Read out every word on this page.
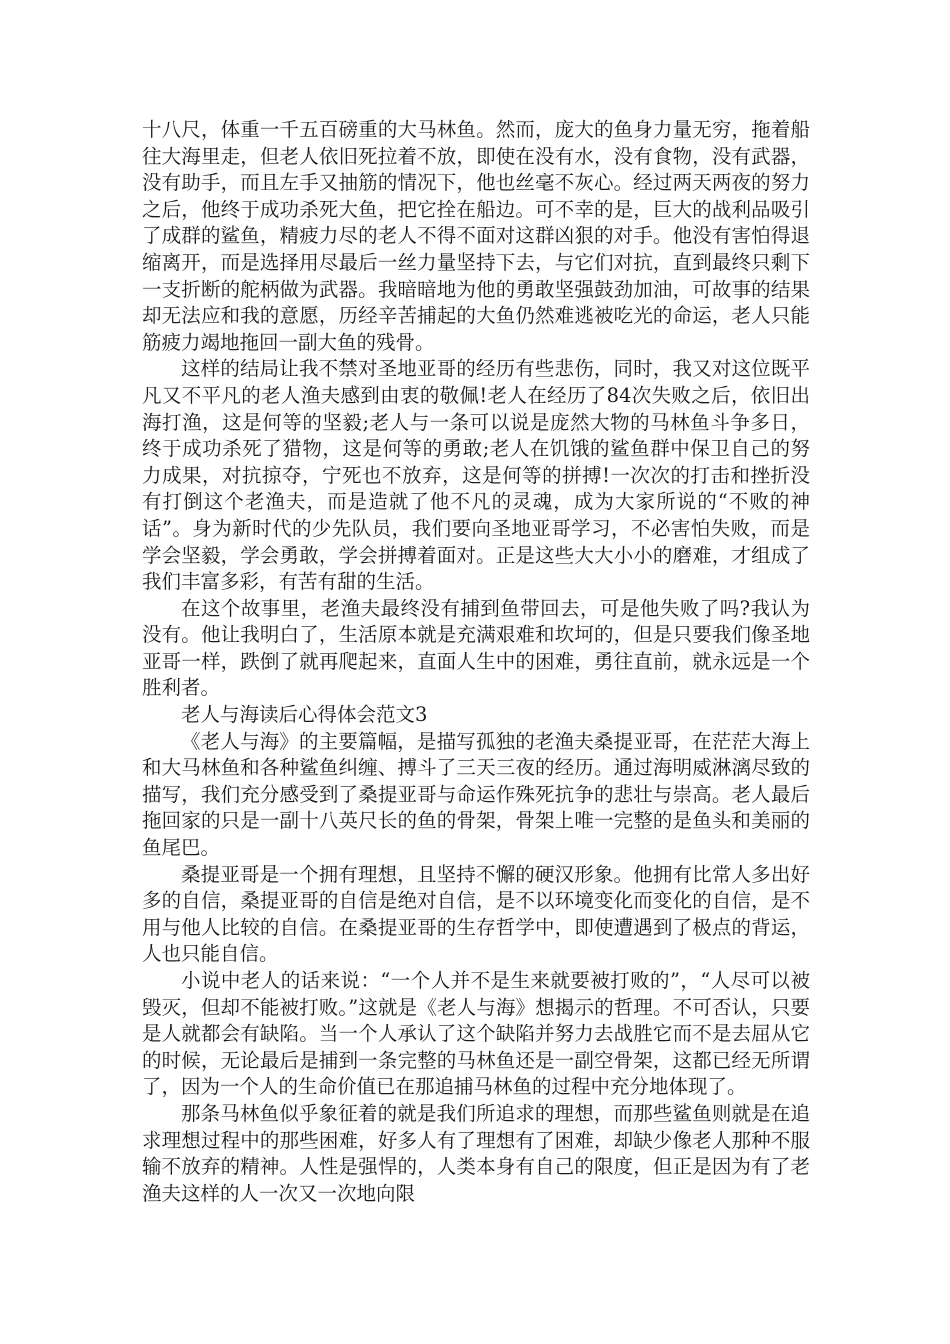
十八尺，体重一千五百磅重的大马林鱼。然而，庞大的鱼身力量无穷，拖着船往大海里走，但老人依旧死拉着不放，即使在没有水，没有食物，没有武器，没有助手，而且左手又抽筋的情况下，他也丝毫不灰心。经过两天两夜的努力之后，他终于成功杀死大鱼，把它拴在船边。可不幸的是，巨大的战利品吸引了成群的鲨鱼，精疲力尽的老人不得不面对这群凶狠的对手。他没有害怕得退缩离开，而是选择用尽最后一丝力量坚持下去，与它们对抗，直到最终只剩下一支折断的舵柄做为武器。我暗暗地为他的勇敢坚强鼓劲加油，可故事的结果却无法应和我的意愿，历经辛苦捕起的大鱼仍然难逃被吃光的命运，老人只能筋疲力竭地拖回一副大鱼的残骨。

这样的结局让我不禁对圣地亚哥的经历有些悲伤，同时，我又对这位既平凡又不平凡的老人渔夫感到由衷的敬佩!老人在经历了84次失败之后，依旧出海打渔，这是何等的坚毅;老人与一条可以说是庞然大物的马林鱼斗争多日，终于成功杀死了猎物，这是何等的勇敢;老人在饥饿的鲨鱼群中保卫自己的努力成果，对抗掠夺，宁死也不放弃，这是何等的拼搏!一次次的打击和挫折没有打倒这个老渔夫，而是造就了他不凡的灵魂，成为大家所说的“不败的神话”。身为新时代的少先队员，我们要向圣地亚哥学习，不必害怕失败，而是学会坚毅，学会勇敢，学会拼搏着面对。正是这些大大小小的磨难，才组成了我们丰富多彩，有苦有甜的生活。

在这个故事里，老渔夫最终没有捕到鱼带回去，可是他失败了吗?我认为没有。他让我明白了，生活原本就是充满艰难和坎坷的，但是只要我们像圣地亚哥一样，跌倒了就再爬起来，直面人生中的困难，勇往直前，就永远是一个胜利者。

老人与海读后心得体会范文3

《老人与海》的主要篇幅，是描写孤独的老渔夫桑提亚哥，在茫茫大海上和大马林鱼和各种鲨鱼纠缠、搏斗了三天三夜的经历。通过海明威淋漓尽致的描写，我们充分感受到了桑提亚哥与命运作殊死抗争的悲壮与崇高。老人最后拖回家的只是一副十八英尺长的鱼的骨架，骨架上唯一完整的是鱼头和美丽的鱼尾巴。

桑提亚哥是一个拥有理想，且坚持不懈的硬汉形象。他拥有比常人多出好多的自信，桑提亚哥的自信是绝对自信，是不以环境变化而变化的自信，是不用与他人比较的自信。在桑提亚哥的生存哲学中，即使遭遇到了极点的背运，人也只能自信。

小说中老人的话来说：“一个人并不是生来就要被打败的”，“人尽可以被毁灭，但却不能被打败。”这就是《老人与海》想揭示的哲理。不可否认，只要是人就都会有缺陷。当一个人承认了这个缺陷并努力去战胜它而不是去屈从它的时候，无论最后是捕到一条完整的马林鱼还是一副空骨架，这都已经无所谓了，因为一个人的生命价值已在那追捕马林鱼的过程中充分地体现了。

那条马林鱼似乎象征着的就是我们所追求的理想，而那些鲨鱼则就是在追求理想过程中的那些困难，好多人有了理想有了困难，却缺少像老人那种不服输不放弃的精神。人性是强悍的，人类本身有自己的限度，但正是因为有了老渔夫这样的人一次又一次地向限
